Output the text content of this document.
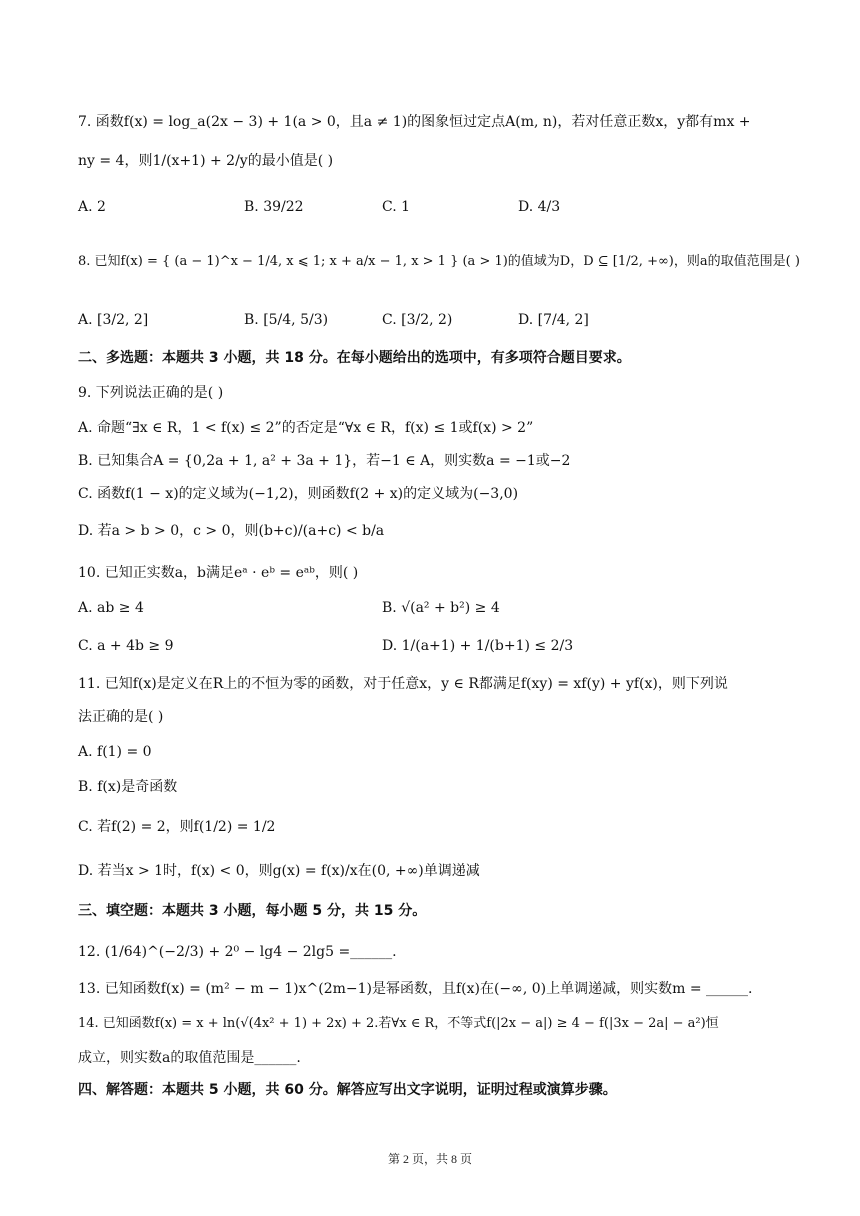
7. 函数f(x) = log_a(2x − 3) + 1(a > 0，且a ≠ 1)的图象恒过定点A(m, n)，若对任意正数x，y都有mx +
ny = 4，则1/(x+1) + 2/y的最小值是( )
A. 2	B. 39/22	C. 1	D. 4/3
8. 已知f(x) = { (a − 1)^x − 1/4, x ⩽ 1; x + a/x − 1, x > 1 } (a > 1)的值域为D，D ⊆ [1/2, +∞)，则a的取值范围是( )
A. [3/2, 2]	B. [5/4, 5/3)	C. [3/2, 2)	D. [7/4, 2]
二、多选题：本题共 3 小题，共 18 分。在每小题给出的选项中，有多项符合题目要求。
9. 下列说法正确的是( )
A. 命题“∃x ∈ R，1 < f(x) ≤ 2”的否定是“∀x ∈ R，f(x) ≤ 1或f(x) > 2”
B. 已知集合A = {0,2a + 1, a² + 3a + 1}，若−1 ∈ A，则实数a = −1或−2
C. 函数f(1 − x)的定义域为(−1,2)，则函数f(2 + x)的定义域为(−3,0)
D. 若a > b > 0，c > 0，则(b+c)/(a+c) < b/a
10. 已知正实数a，b满足eᵃ · eᵇ = eᵃᵇ，则( )
A. ab ≥ 4	B. √(a² + b²) ≥ 4
C. a + 4b ≥ 9	D. 1/(a+1) + 1/(b+1) ≤ 2/3
11. 已知f(x)是定义在R上的不恒为零的函数，对于任意x，y ∈ R都满足f(xy) = xf(y) + yf(x)，则下列说
法正确的是( )
A. f(1) = 0
B. f(x)是奇函数
C. 若f(2) = 2，则f(1/2) = 1/2
D. 若当x > 1时，f(x) < 0，则g(x) = f(x)/x在(0, +∞)单调递减
三、填空题：本题共 3 小题，每小题 5 分，共 15 分。
12. (1/64)^(−2/3) + 2⁰ − lg4 − 2lg5 =______.
13. 已知函数f(x) = (m² − m − 1)x^(2m−1)是幂函数，且f(x)在(−∞, 0)上单调递减，则实数m = ______.
14. 已知函数f(x) = x + ln(√(4x² + 1) + 2x) + 2.若∀x ∈ R，不等式f(|2x − a|) ≥ 4 − f(|3x − 2a| − a²)恒
成立，则实数a的取值范围是______.
四、解答题：本题共 5 小题，共 60 分。解答应写出文字说明，证明过程或演算步骤。
第 2 页，共 8 页
